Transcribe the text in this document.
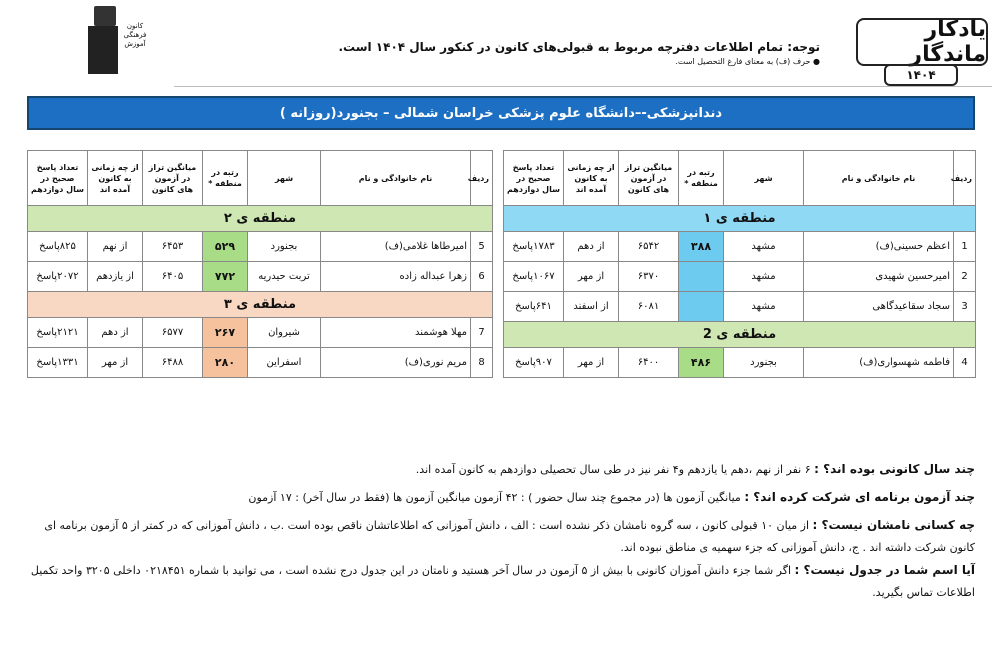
یادکار ماندگار
۱۴۰۴
توجه: تمام اطلاعات دفترچه مربوط به قبولی‌های کانون در کنکور سال ۱۴۰۴ است.
● حرف (ف) به معنای فارغ التحصیل است.
کانون
فرهنگی
آموزش
دندانپزشکی-–دانشگاه علوم پزشکی خراسان شمالی – بجنورد(روزانه )
ردیف	نام خانوادگی و نام	شهر	رتبه در منطقه *	میانگین تراز در آزمون های کانون	از چه زمانی به کانون آمده اند	تعداد پاسخ صحیح در سال دوازدهم
منطقه ی ۱						
1	اعظم حسینی(ف)	مشهد	۳۸۸	۶۵۴۲	از دهم	۱۷۸۳پاسخ
2	امیرحسین شهیدی	مشهد		۶۳۷۰	از مهر	۱۰۶۷پاسخ
3	سجاد سقاعیدگاهی	مشهد		۶۰۸۱	از اسفند	۶۴۱پاسخ
منطقه ی 2						
4	فاطمه شهسواری(ف)	بجنورد	۴۸۶	۶۴۰۰	از مهر	۹۰۷پاسخ
ردیف	نام خانوادگی و نام	شهر	رتبه در منطقه *	میانگین تراز در آزمون های کانون	از چه زمانی به کانون آمده اند	تعداد پاسخ صحیح در سال دوازدهم
منطقه ی ۲						
5	امیرطاها غلامی(ف)	بجنورد	۵۲۹	۶۴۵۳	از نهم	۸۲۵پاسخ
6	زهرا عبداله زاده	تربت حیدریه	۷۷۲	۶۴۰۵	از یازدهم	۲۰۷۲پاسخ
منطقه ی ۳						
7	مهلا هوشمند	شیروان	۲۶۷	۶۵۷۷	از دهم	۲۱۲۱پاسخ
8	مریم نوری(ف)	اسفراین	۲۸۰	۶۴۸۸	از مهر	۱۳۳۱پاسخ
چند سال کانونی بوده اند؟ : ۶ نفر از نهم ،دهم یا یازدهم و۴ نفر نیز در طی سال تحصیلی دوازدهم به کانون آمده اند.
چند آزمون برنامه ای شرکت کرده اند؟ : میانگین آزمون ها (در مجموع چند سال حضور ) : ۴۲ آزمون میانگین آزمون ها (فقط در سال آخر) : ۱۷ آزمون
چه کسانی نامشان نیست؟ : از میان ۱۰ قبولی کانون ، سه گروه نامشان ذکر نشده است : الف ، دانش آموزانی که اطلاعاتشان ناقص بوده است .ب ، دانش آموزانی که در کمتر از ۵ آزمون برنامه ای کانون شرکت داشته اند . ج، دانش آموزانی که جزء سهمیه ی مناطق نبوده اند.
آیا اسم شما در جدول نیست؟ : اگر شما جزء دانش آموزان کانونی با بیش از ۵ آزمون در سال آخر هستید و نامتان در این جدول درج نشده است ، می توانید با شماره ۰۲۱۸۴۵۱ داخلی ۳۲۰۵ واحد تکمیل اطلاعات تماس بگیرید.
